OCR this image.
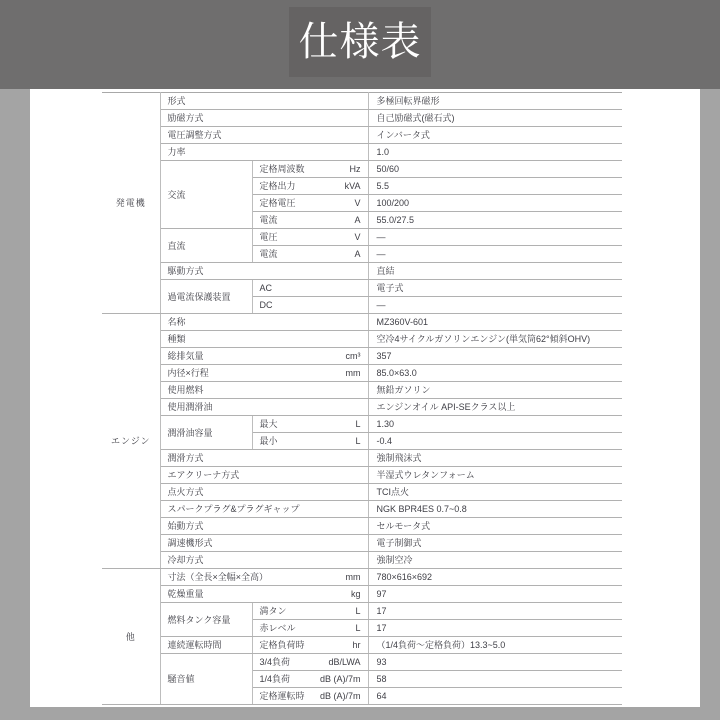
仕様表
発電機	形式		多極回転界磁形

	励磁方式		自己励磁式(磁石式)

	電圧調整方式		インバータ式

	力率		1.0
	交流	定格周波数 Hz	50/60

		定格出力 kVA	5.5

		定格電圧 V	100/200

		電流 A	55.0/27.5
	直流	電圧 V	―

		電流 A	―

	駆動方式		直結
	過電流保護装置	AC	電子式

		DC	―
エンジン	名称		MZ360V-601

	種類		空冷4サイクルガソリンエンジン(単気筒62°傾斜OHV)

	総排気量 cm³		357

	内径×行程 mm		85.0×63.0

	使用燃料		無鉛ガソリン

	使用潤滑油		エンジンオイル API-SEクラス以上
	潤滑油容量	最大 L	1.30

		最小 L	-0.4

	潤滑方式		強制飛沫式

	エアクリーナ方式		半湿式ウレタンフォーム

	点火方式		TCI点火

	スパークプラグ&プラグギャップ		NGK BPR4ES 0.7~0.8

	始動方式		セルモータ式

	調速機形式		電子制御式

	冷却方式		強制空冷
他	寸法（全長×全幅×全高） mm		780×616×692

	乾燥重量 kg		97
	燃料タンク容量	満タン L	17

		赤レベル L	17
	連続運転時間	定格負荷時 hr	（1/4負荷～定格負荷）13.3~5.0
	騒音値	3/4負荷 dB/LWA	93

		1/4負荷 dB (A)/7m	58

		定格運転時 dB (A)/7m	64
